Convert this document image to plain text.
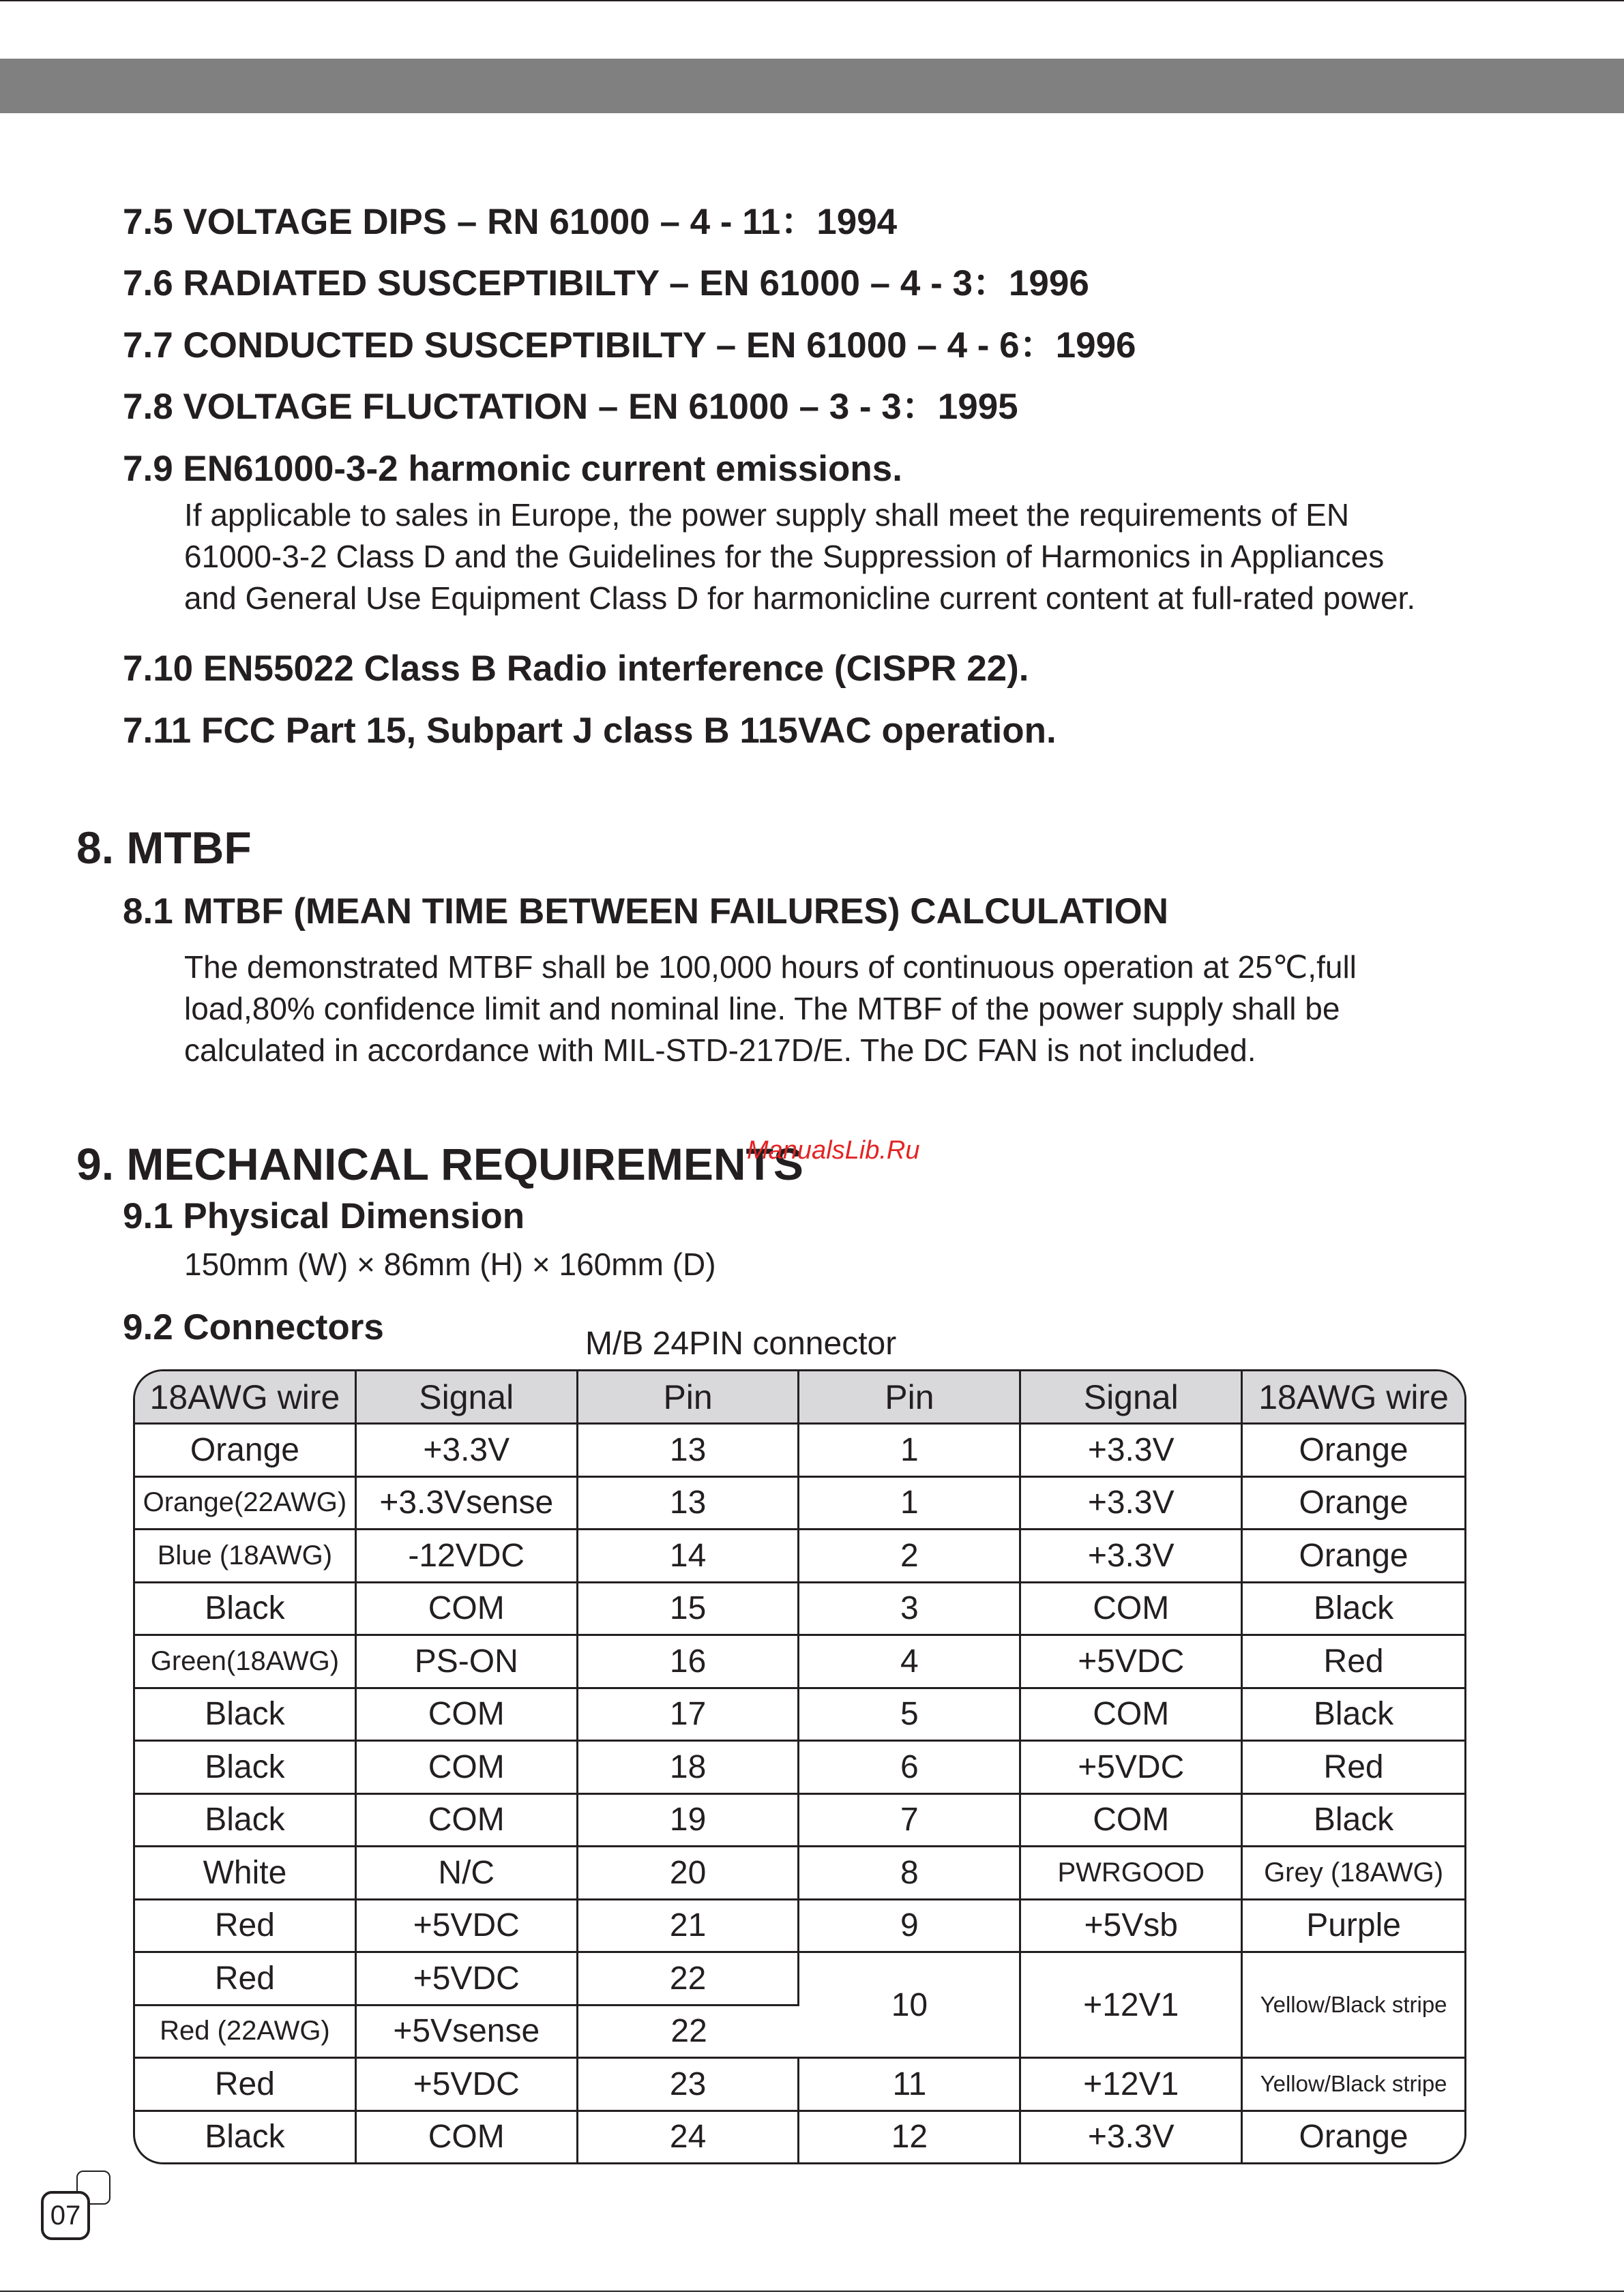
7.5 VOLTAGE DIPS – RN 61000 – 4 - 11：1994
7.6 RADIATED SUSCEPTIBILTY – EN 61000 – 4 - 3：1996
7.7 CONDUCTED SUSCEPTIBILTY – EN 61000 – 4 - 6：1996
7.8 VOLTAGE FLUCTATION – EN 61000 – 3 - 3：1995
7.9 EN61000-3-2 harmonic current emissions.
If applicable to sales in Europe, the power supply shall meet the requirements of EN
61000-3-2 Class D and the Guidelines for the Suppression of Harmonics in Appliances
and General Use Equipment Class D for harmonicline current content at full-rated power.
7.10 EN55022 Class B Radio interference (CISPR 22).
7.11 FCC Part 15, Subpart J class B 115VAC operation.
8. MTBF
8.1 MTBF (MEAN TIME BETWEEN FAILURES) CALCULATION
The demonstrated MTBF shall be 100,000 hours of continuous operation at 25℃,full
load,80% confidence limit and nominal line. The MTBF of the power supply shall be
calculated in accordance with MIL-STD-217D/E. The DC FAN is not included.
9. MECHANICAL REQUIREMENTS
ManualsLib.Ru
9.1 Physical Dimension
150mm (W) × 86mm (H) × 160mm (D)
9.2 Connectors	M/B 24PIN connector
18AWG wire	Signal	Pin	Pin	Signal	18AWG wire
Orange	+3.3V	13	1	+3.3V	Orange
Orange(22AWG)	+3.3Vsense	13	1	+3.3V	Orange
Blue (18AWG)	-12VDC	14	2	+3.3V	Orange
Black	COM	15	3	COM	Black
Green(18AWG)	PS-ON	16	4	+5VDC	Red
Black	COM	17	5	COM	Black
Black	COM	18	6	+5VDC	Red
Black	COM	19	7	COM	Black
White	N/C	20	8	PWRGOOD	Grey (18AWG)
Red	+5VDC	21	9	+5Vsb	Purple
Red	+5VDC	22	10	+12V1	Yellow/Black stripe
Red (22AWG)	+5Vsense	22			
Red	+5VDC	23	11	+12V1	Yellow/Black stripe
Black	COM	24	12	+3.3V	Orange
07
